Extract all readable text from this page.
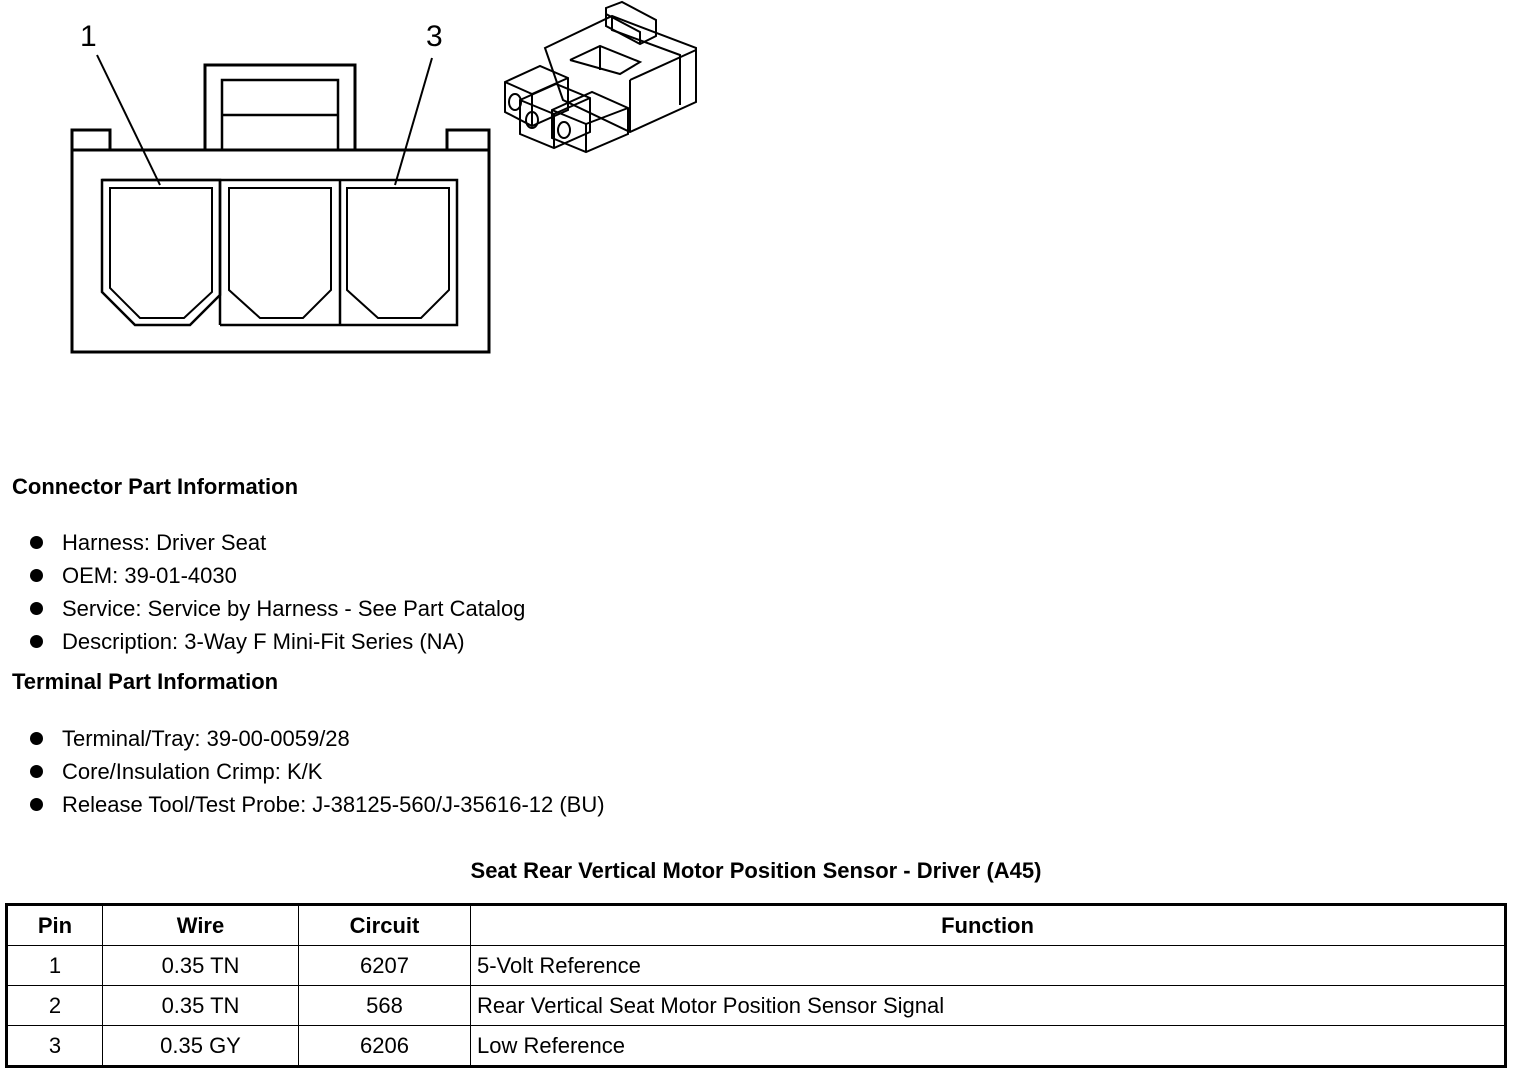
1	3
Connector Part Information
Harness: Driver Seat
OEM: 39-01-4030
Service: Service by Harness - See Part Catalog
Description: 3-Way F Mini-Fit Series (NA)
Terminal Part Information
Terminal/Tray: 39-00-0059/28
Core/Insulation Crimp: K/K
Release Tool/Test Probe: J-38125-560/J-35616-12 (BU)
Seat Rear Vertical Motor Position Sensor - Driver (A45)
Pin	Wire	Circuit	Function
1	0.35 TN	6207	5-Volt Reference
2	0.35 TN	568	Rear Vertical Seat Motor Position Sensor Signal
3	0.35 GY	6206	Low Reference
